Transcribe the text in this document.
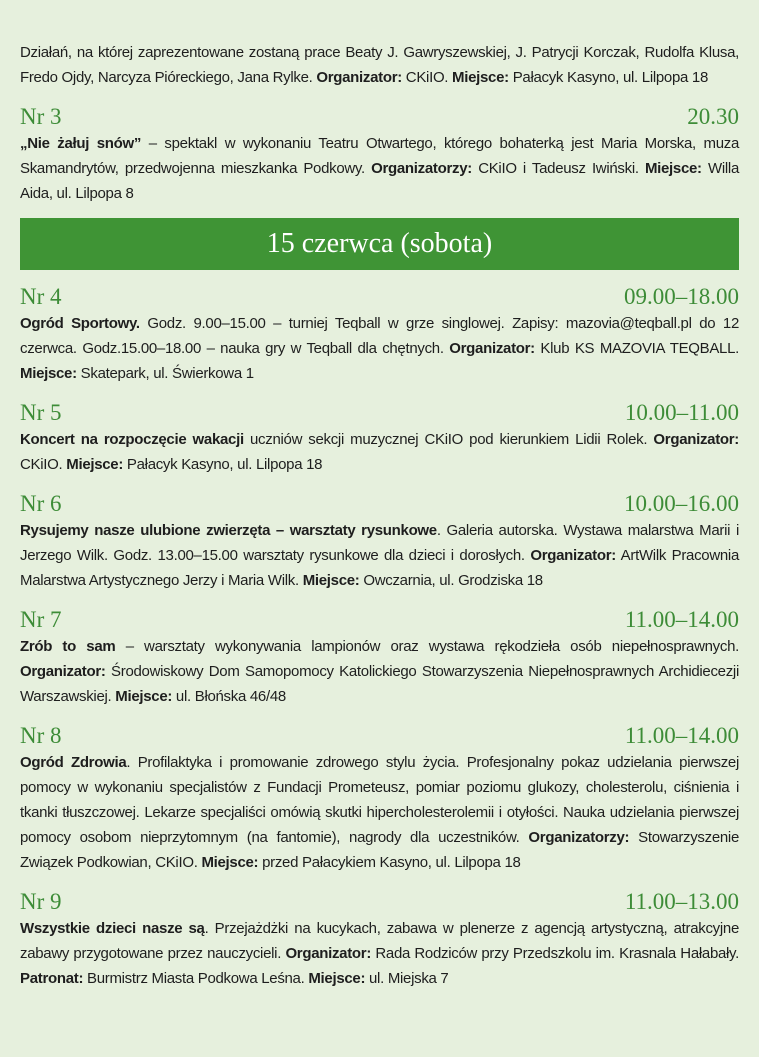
Działań, na której zaprezentowane zostaną prace Beaty J. Gawryszewskiej, J. Patrycji Korczak, Rudolfa Klusa, Fredo Ojdy, Narcyza Pióreckiego, Jana Rylke. Organizator: CKiIO. Miejsce: Pałacyk Kasyno, ul. Lilpopa 18
Nr 3	20.30
„Nie żałuj snów” – spektakl w wykonaniu Teatru Otwartego, którego bohaterką jest Maria Morska, muza Skamandrytów, przedwojenna mieszkanka Podkowy. Organizatorzy: CKiIO i Tadeusz Iwiński. Miejsce: Willa Aida, ul. Lilpopa 8
15 czerwca (sobota)
Nr 4	09.00–18.00
Ogród Sportowy. Godz. 9.00–15.00 – turniej Teqball w grze singlowej. Zapisy: mazovia@teqball.pl do 12 czerwca. Godz.15.00–18.00 – nauka gry w Teqball dla chętnych. Organizator: Klub KS MAZOVIA TEQBALL. Miejsce: Skatepark, ul. Świerkowa 1
Nr 5	10.00–11.00
Koncert na rozpoczęcie wakacji uczniów sekcji muzycznej CKiIO pod kierunkiem Lidii Rolek. Organizator: CKiIO. Miejsce: Pałacyk Kasyno, ul. Lilpopa 18
Nr 6	10.00–16.00
Rysujemy nasze ulubione zwierzęta – warsztaty rysunkowe. Galeria autorska. Wystawa malarstwa Marii i Jerzego Wilk. Godz. 13.00–15.00 warsztaty rysunkowe dla dzieci i dorosłych. Organizator: ArtWilk Pracownia Malarstwa Artystycznego Jerzy i Maria Wilk. Miejsce: Owczarnia, ul. Grodziska 18
Nr 7	11.00–14.00
Zrób to sam – warsztaty wykonywania lampionów oraz wystawa rękodzieła osób niepełnosprawnych. Organizator: Środowiskowy Dom Samopomocy Katolickiego Stowarzyszenia Niepełnosprawnych Archidiecezji Warszawskiej. Miejsce: ul. Błońska 46/48
Nr 8	11.00–14.00
Ogród Zdrowia. Profilaktyka i promowanie zdrowego stylu życia. Profesjonalny pokaz udzielania pierwszej pomocy w wykonaniu specjalistów z Fundacji Prometeusz, pomiar poziomu glukozy, cholesterolu, ciśnienia i tkanki tłuszczowej. Lekarze specjaliści omówią skutki hipercholesterolemii i otyłości. Nauka udzielania pierwszej pomocy osobom nieprzytomnym (na fantomie), nagrody dla uczestników. Organizatorzy: Stowarzyszenie Związek Podkowian, CKiIO. Miejsce: przed Pałacykiem Kasyno, ul. Lilpopa 18
Nr 9	11.00–13.00
Wszystkie dzieci nasze są. Przejażdżki na kucykach, zabawa w plenerze z agencją artystyczną, atrakcyjne zabawy przygotowane przez nauczycieli. Organizator: Rada Rodziców przy Przedszkolu im. Krasnala Hałabały. Patronat: Burmistrz Miasta Podkowa Leśna. Miejsce: ul. Miejska 7
